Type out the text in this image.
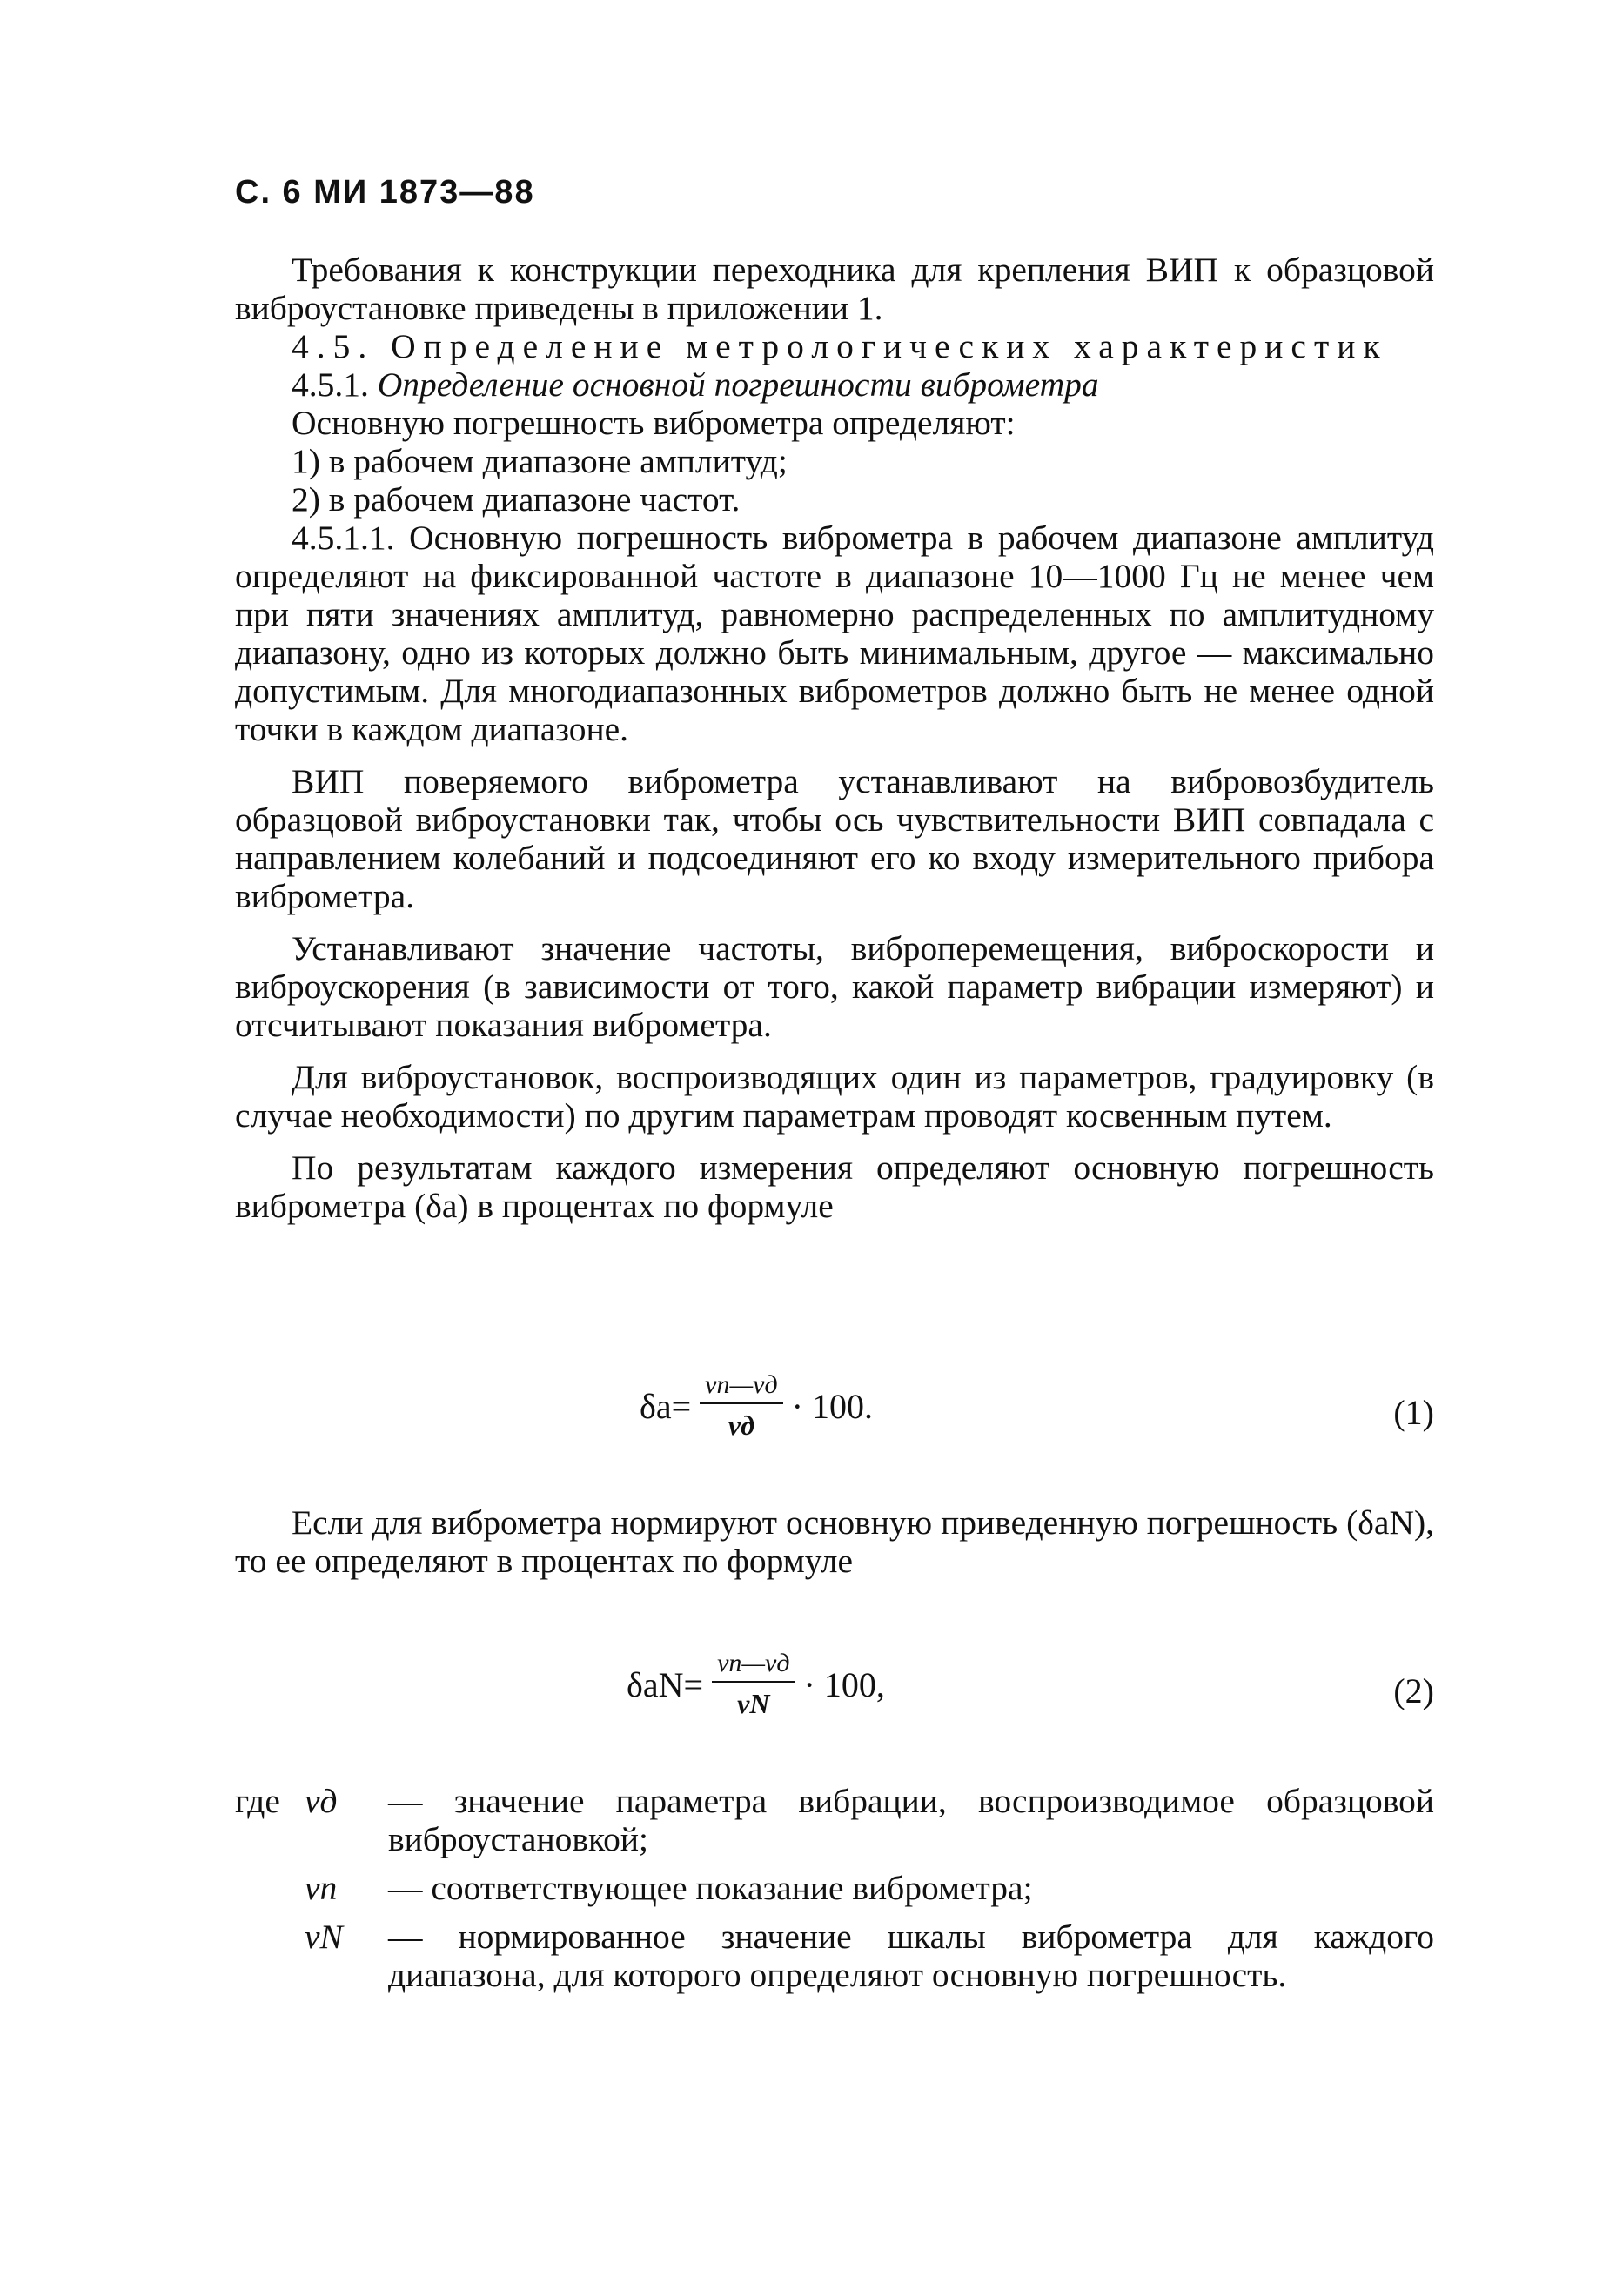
С. 6 МИ 1873—88

Требования к конструкции переходника для крепления ВИП к образцовой виброустановке приведены в приложении 1.

4.5. Определение метрологических характеристик

4.5.1. Определение основной погрешности виброметра

Основную погрешность виброметра определяют:

1) в рабочем диапазоне амплитуд;

2) в рабочем диапазоне частот.

4.5.1.1. Основную погрешность виброметра в рабочем диапазоне амплитуд определяют на фиксированной частоте в диапазоне 10—1000 Гц не менее чем при пяти значениях амплитуд, равномерно распределенных по амплитудному диапазону, одно из которых должно быть минимальным, другое — максимально допустимым. Для многодиапазонных виброметров должно быть не менее одной точки в каждом диапазоне.

ВИП поверяемого виброметра устанавливают на вибровозбудитель образцовой виброустановки так, чтобы ось чувствительности ВИП совпадала с направлением колебаний и подсоединяют его ко входу измерительного прибора виброметра.

Устанавливают значение частоты, виброперемещения, виброскорости и виброускорения (в зависимости от того, какой параметр вибрации измеряют) и отсчитывают показания виброметра.

Для виброустановок, воспроизводящих один из параметров, градуировку (в случае необходимости) по другим параметрам проводят косвенным путем.

По результатам каждого измерения определяют основную погрешность виброметра (δа) в процентах по формуле

$\delta а = \frac{vп—vд}{vд} \cdot 100$.	(1)

Если для виброметра нормируют основную приведенную погрешность (δаN), то ее определяют в процентах по формуле

$\delta аN = \frac{vп—vд}{vN} \cdot 100$,	(2)
где vд	— значение параметра вибрации, воспроизводимое образцовой виброустановкой;
vп	— соответствующее показание виброметра;
vN	— нормированное значение шкалы виброметра для каждого диапазона, для которого определяют основную погрешность.
